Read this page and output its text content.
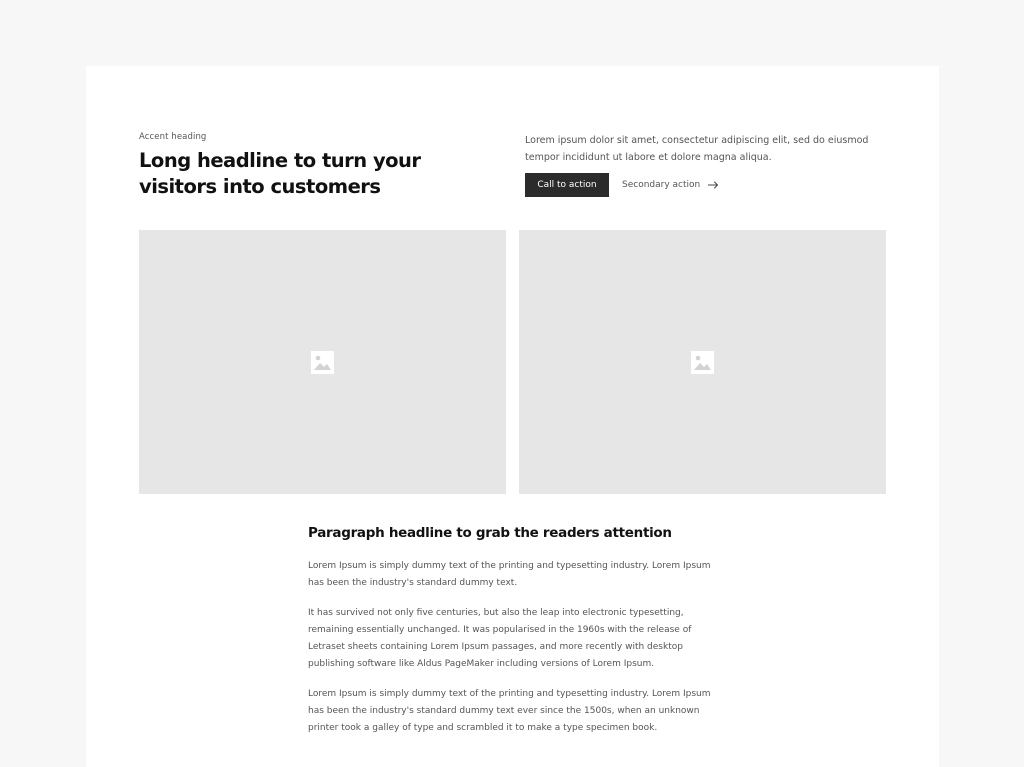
Accent heading
Long headline to turn your visitors into customers

Lorem ipsum dolor sit amet, consectetur adipiscing elit, sed do eiusmod tempor incididunt ut labore et dolore magna aliqua.

Call to action	Secondary action
Paragraph headline to grab the readers attention

Lorem Ipsum is simply dummy text of the printing and typesetting industry. Lorem Ipsum has been the industry's standard dummy text.

It has survived not only five centuries, but also the leap into electronic typesetting, remaining essentially unchanged. It was popularised in the 1960s with the release of Letraset sheets containing Lorem Ipsum passages, and more recently with desktop publishing software like Aldus PageMaker including versions of Lorem Ipsum.

Lorem Ipsum is simply dummy text of the printing and typesetting industry. Lorem Ipsum has been the industry's standard dummy text ever since the 1500s, when an unknown printer took a galley of type and scrambled it to make a type specimen book.
